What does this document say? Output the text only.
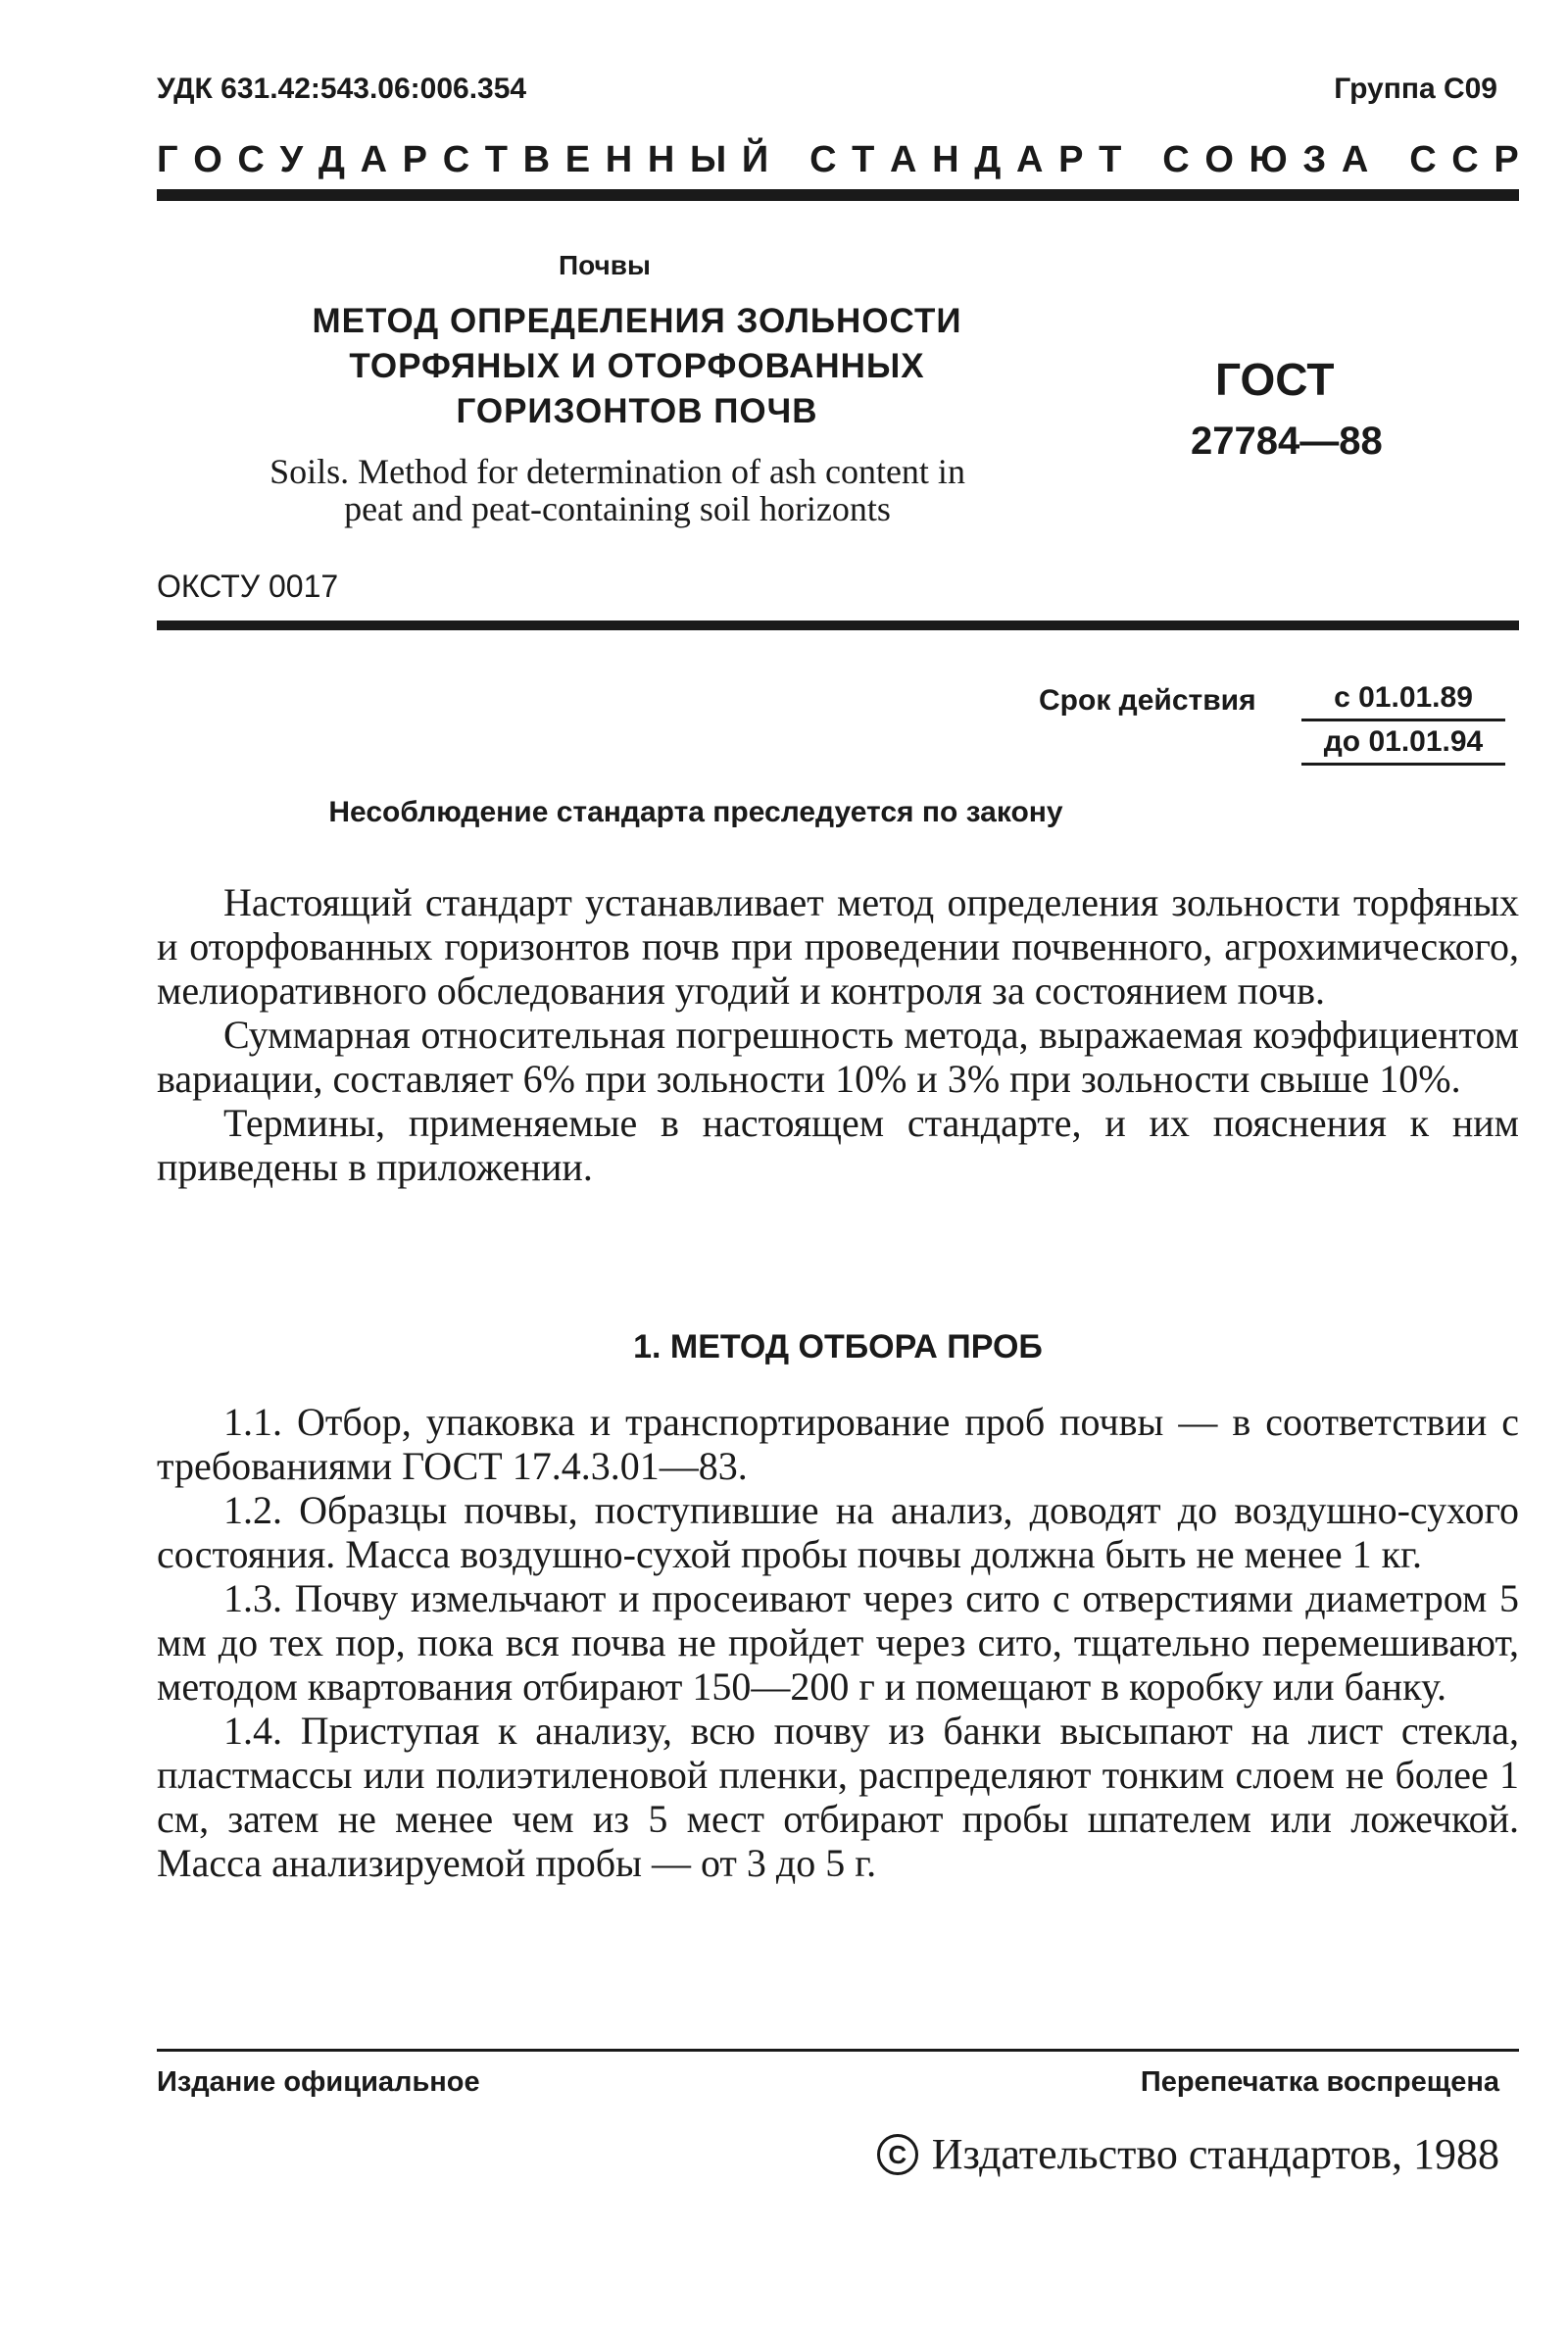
УДК 631.42:543.06:006.354	Группа С09
Г О С У Д А Р С Т В Е Н Н Ы Й
С Т А Н Д А Р Т
С О Ю З А
С С Р
Почвы
МЕТОД ОПРЕДЕЛЕНИЯ ЗОЛЬНОСТИ
ТОРФЯНЫХ И ОТОРФОВАННЫХ
ГОРИЗОНТОВ ПОЧВ
Soils. Method for determination of ash content in
peat and peat-containing soil horizonts
ГОСТ
27784—88
ОКСТУ 0017
Срок действия	с 01.01.89
до 01.01.94
Несоблюдение стандарта преследуется по закону

Настоящий стандарт устанавливает метод определения зольности торфяных и оторфованных горизонтов почв при проведении почвенного, агрохимического, мелиоративного обследования угодий и контроля за состоянием почв.

Суммарная относительная погрешность метода, выражаемая коэффициентом вариации, составляет 6% при зольности 10% и 3% при зольности свыше 10%.

Термины, применяемые в настоящем стандарте, и их пояснения к ним приведены в приложении.

1. МЕТОД ОТБОРА ПРОБ

1.1. Отбор, упаковка и транспортирование проб почвы — в соответствии с требованиями ГОСТ 17.4.3.01—83.

1.2. Образцы почвы, поступившие на анализ, доводят до воздушно-сухого состояния. Масса воздушно-сухой пробы почвы должна быть не менее 1 кг.

1.3. Почву измельчают и просеивают через сито с отверстиями диаметром 5 мм до тех пор, пока вся почва не пройдет через сито, тщательно перемешивают, методом квартования отбирают 150—200 г и помещают в коробку или банку.

1.4. Приступая к анализу, всю почву из банки высыпают на лист стекла, пластмассы или полиэтиленовой пленки, распределяют тонким слоем не более 1 см, затем не менее чем из 5 мест отбирают пробы шпателем или ложечкой. Масса анализируемой пробы — от 3 до 5 г.

Издание официальное	Перепечатка воспрещена
C Издательство стандартов, 1988
